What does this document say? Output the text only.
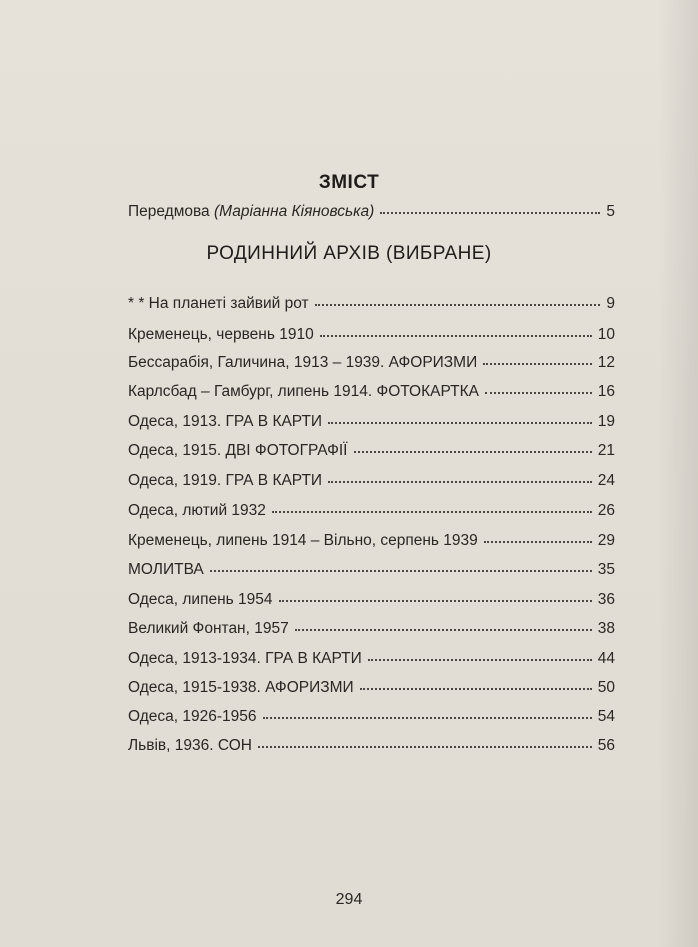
ЗМІСТ
Передмова (Маріанна Кіяновська)	5
РОДИННИЙ АРХІВ (ВИБРАНЕ)
* * На планеті зайвий рот	9
Кременець, червень 1910	10
Бессарабія, Галичина, 1913 – 1939. АФОРИЗМИ	12
Карлсбад – Гамбург, липень 1914. ФОТОКАРТКА	16
Одеса, 1913. ГРА В КАРТИ	19
Одеса, 1915. ДВІ ФОТОГРАФІЇ	21
Одеса, 1919. ГРА В КАРТИ	24
Одеса, лютий 1932	26
Кременець, липень 1914 – Вільно, серпень 1939	29
МОЛИТВА	35
Одеса, липень 1954	36
Великий Фонтан, 1957	38
Одеса, 1913-1934. ГРА В КАРТИ	44
Одеса, 1915-1938. АФОРИЗМИ	50
Одеса, 1926-1956	54
Львів, 1936. СОН	56
294
